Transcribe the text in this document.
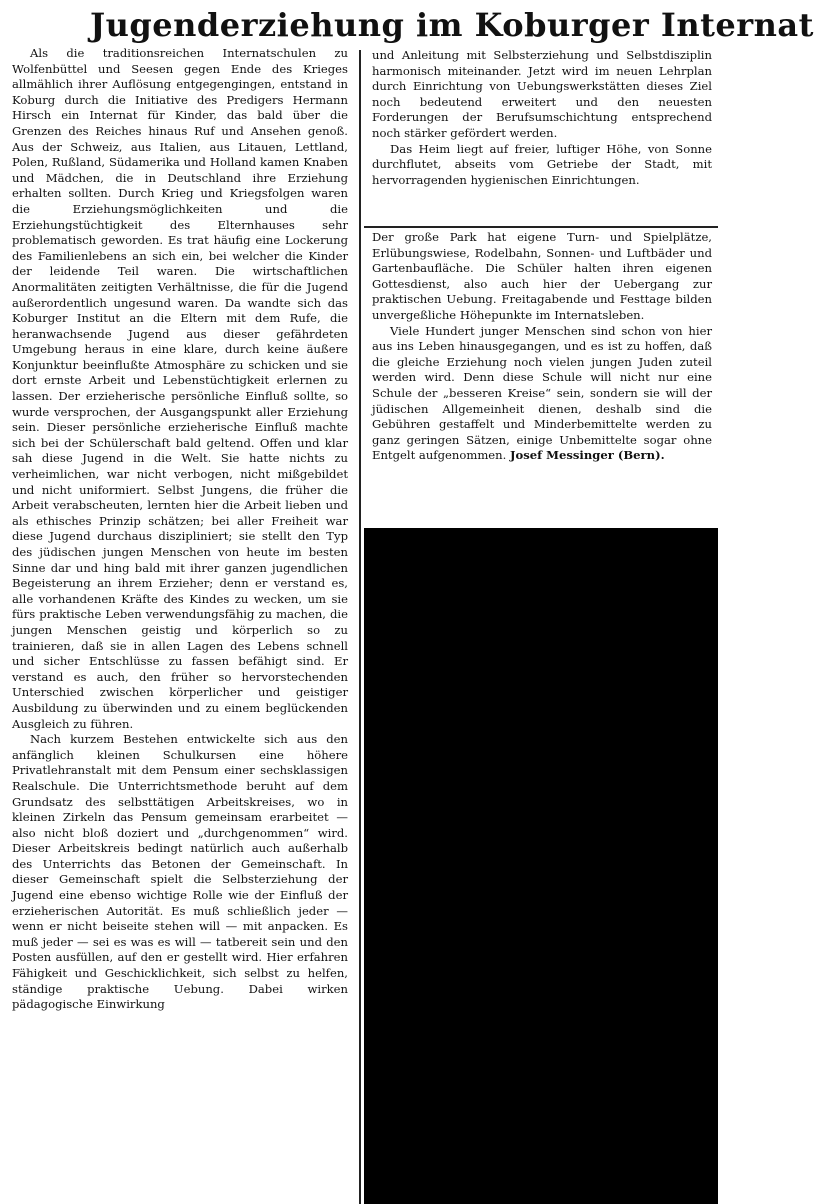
Jugenderziehung im Koburger Internat

Als die traditionsreichen Internatschulen zu Wolfenbüttel und Seesen gegen Ende des Krieges allmählich ihrer Auflösung entgegengingen, entstand in Koburg durch die Initiative des Predigers Hermann Hirsch ein Internat für Kinder, das bald über die Grenzen des Reiches hinaus Ruf und Ansehen genoß. Aus der Schweiz, aus Italien, aus Litauen, Lettland, Polen, Rußland, Südamerika und Holland kamen Knaben und Mädchen, die in Deutschland ihre Erziehung erhalten sollten. Durch Krieg und Kriegsfolgen waren die Erziehungsmöglichkeiten und die Erziehungstüchtigkeit des Elternhauses sehr problematisch geworden. Es trat häufig eine Lockerung des Familienlebens an sich ein, bei welcher die Kinder der leidende Teil waren. Die wirtschaftlichen Anormalitäten zeitigten Verhältnisse, die für die Jugend außerordentlich ungesund waren. Da wandte sich das Koburger Institut an die Eltern mit dem Rufe, die heranwachsende Jugend aus dieser gefährdeten Umgebung heraus in eine klare, durch keine äußere Konjunktur beeinflußte Atmosphäre zu schicken und sie dort ernste Arbeit und Lebenstüchtigkeit erlernen zu lassen. Der erzieherische persönliche Einfluß sollte, so wurde versprochen, der Ausgangspunkt aller Erziehung sein. Dieser persönliche erzieherische Einfluß machte sich bei der Schülerschaft bald geltend. Offen und klar sah diese Jugend in die Welt. Sie hatte nichts zu verheimlichen, war nicht verbogen, nicht mißgebildet und nicht uniformiert. Selbst Jungens, die früher die Arbeit verabscheuten, lernten hier die Arbeit lieben und als ethisches Prinzip schätzen; bei aller Freiheit war diese Jugend durchaus diszipliniert; sie stellt den Typ des jüdischen jungen Menschen von heute im besten Sinne dar und hing bald mit ihrer ganzen jugendlichen Begeisterung an ihrem Erzieher; denn er verstand es, alle vorhandenen Kräfte des Kindes zu wecken, um sie fürs praktische Leben verwendungsfähig zu machen, die jungen Menschen geistig und körperlich so zu trainieren, daß sie in allen Lagen des Lebens schnell und sicher Entschlüsse zu fassen befähigt sind. Er verstand es auch, den früher so hervorstechenden Unterschied zwischen körperlicher und geistiger Ausbildung zu überwinden und zu einem beglückenden Ausgleich zu führen.

Nach kurzem Bestehen entwickelte sich aus den anfänglich kleinen Schulkursen eine höhere Privatlehranstalt mit dem Pensum einer sechsklassigen Realschule. Die Unterrichtsmethode beruht auf dem Grundsatz des selbsttätigen Arbeitskreises, wo in kleinen Zirkeln das Pensum gemeinsam erarbeitet — also nicht bloß doziert und „durchgenommen“ wird. Dieser Arbeitskreis bedingt natürlich auch außerhalb des Unterrichts das Betonen der Gemeinschaft. In dieser Gemeinschaft spielt die Selbsterziehung der Jugend eine ebenso wichtige Rolle wie der Einfluß der erzieherischen Autorität. Es muß schließlich jeder — wenn er nicht beiseite stehen will — mit anpacken. Es muß jeder — sei es was es will — tatbereit sein und den Posten ausfüllen, auf den er gestellt wird. Hier erfahren Fähigkeit und Geschicklichkeit, sich selbst zu helfen, ständige praktische Uebung. Dabei wirken pädagogische Einwirkung

und Anleitung mit Selbsterziehung und Selbstdisziplin harmonisch miteinander. Jetzt wird im neuen Lehrplan durch Einrichtung von Uebungswerkstätten dieses Ziel noch bedeutend erweitert und den neuesten Forderungen der Berufsumschichtung entsprechend noch stärker gefördert werden.

Das Heim liegt auf freier, luftiger Höhe, von Sonne durchflutet, abseits vom Getriebe der Stadt, mit hervorragenden hygienischen Einrichtungen.

Der große Park hat eigene Turn- und Spielplätze, Erlübungswiese, Rodelbahn, Sonnen- und Luftbäder und Gartenbaufläche. Die Schüler halten ihren eigenen Gottesdienst, also auch hier der Uebergang zur praktischen Uebung. Freitagabende und Festtage bilden unvergeßliche Höhepunkte im Internatsleben.

Viele Hundert junger Menschen sind schon von hier aus ins Leben hinausgegangen, und es ist zu hoffen, daß die gleiche Erziehung noch vielen jungen Juden zuteil werden wird. Denn diese Schule will nicht nur eine Schule der „besseren Kreise“ sein, sondern sie will der jüdischen Allgemeinheit dienen, deshalb sind die Gebühren gestaffelt und Minderbemittelte werden zu ganz geringen Sätzen, einige Unbemittelte sogar ohne Entgelt aufgenommen. Josef Messinger (Bern).
